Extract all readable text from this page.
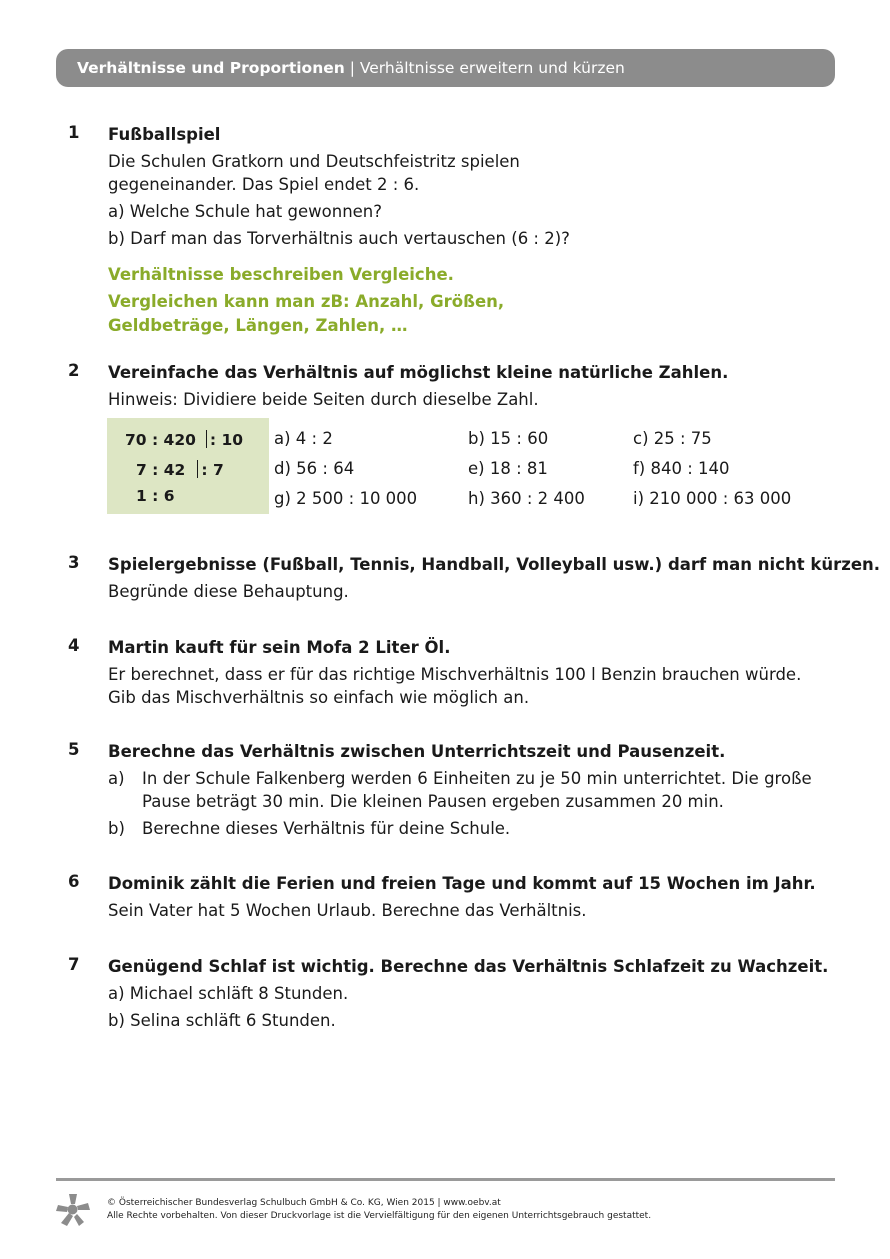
Verhältnisse und Proportionen | Verhältnisse erweitern und kürzen
1 Fußballspiel
Die Schulen Gratkorn und Deutschfeistritz spielen
gegeneinander. Das Spiel endet 2 : 6.
a) Welche Schule hat gewonnen?
b) Darf man das Torverhältnis auch vertauschen (6 : 2)?
Verhältnisse beschreiben Vergleiche.
Vergleichen kann man zB: Anzahl, Größen,
Geldbeträge, Längen, Zahlen, …
2 Vereinfache das Verhältnis auf möglichst kleine natürliche Zahlen.
Hinweis: Dividiere beide Seiten durch dieselbe Zahl.
70 : 420 : 10
7 : 42 : 7
1 : 6
a) 4 : 2	b) 15 : 60	c) 25 : 75
d) 56 : 64	e) 18 : 81	f) 840 : 140
g) 2 500 : 10 000	h) 360 : 2 400	i) 210 000 : 63 000
3 Spielergebnisse (Fußball, Tennis, Handball, Volleyball usw.) darf man nicht kürzen.
Begründe diese Behauptung.
4 Martin kauft für sein Mofa 2 Liter Öl.
Er berechnet, dass er für das richtige Mischverhältnis 100 l Benzin brauchen würde.
Gib das Mischverhältnis so einfach wie möglich an.
5 Berechne das Verhältnis zwischen Unterrichtszeit und Pausenzeit.
a) In der Schule Falkenberg werden 6 Einheiten zu je 50 min unterrichtet. Die große
Pause beträgt 30 min. Die kleinen Pausen ergeben zusammen 20 min.
b) Berechne dieses Verhältnis für deine Schule.
6 Dominik zählt die Ferien und freien Tage und kommt auf 15 Wochen im Jahr.
Sein Vater hat 5 Wochen Urlaub. Berechne das Verhältnis.
7 Genügend Schlaf ist wichtig. Berechne das Verhältnis Schlafzeit zu Wachzeit.
a) Michael schläft 8 Stunden.
b) Selina schläft 6 Stunden.
© Österreichischer Bundesverlag Schulbuch GmbH & Co. KG, Wien 2015 | www.oebv.at
Alle Rechte vorbehalten. Von dieser Druckvorlage ist die Vervielfältigung für den eigenen Unterrichtsgebrauch gestattet.
